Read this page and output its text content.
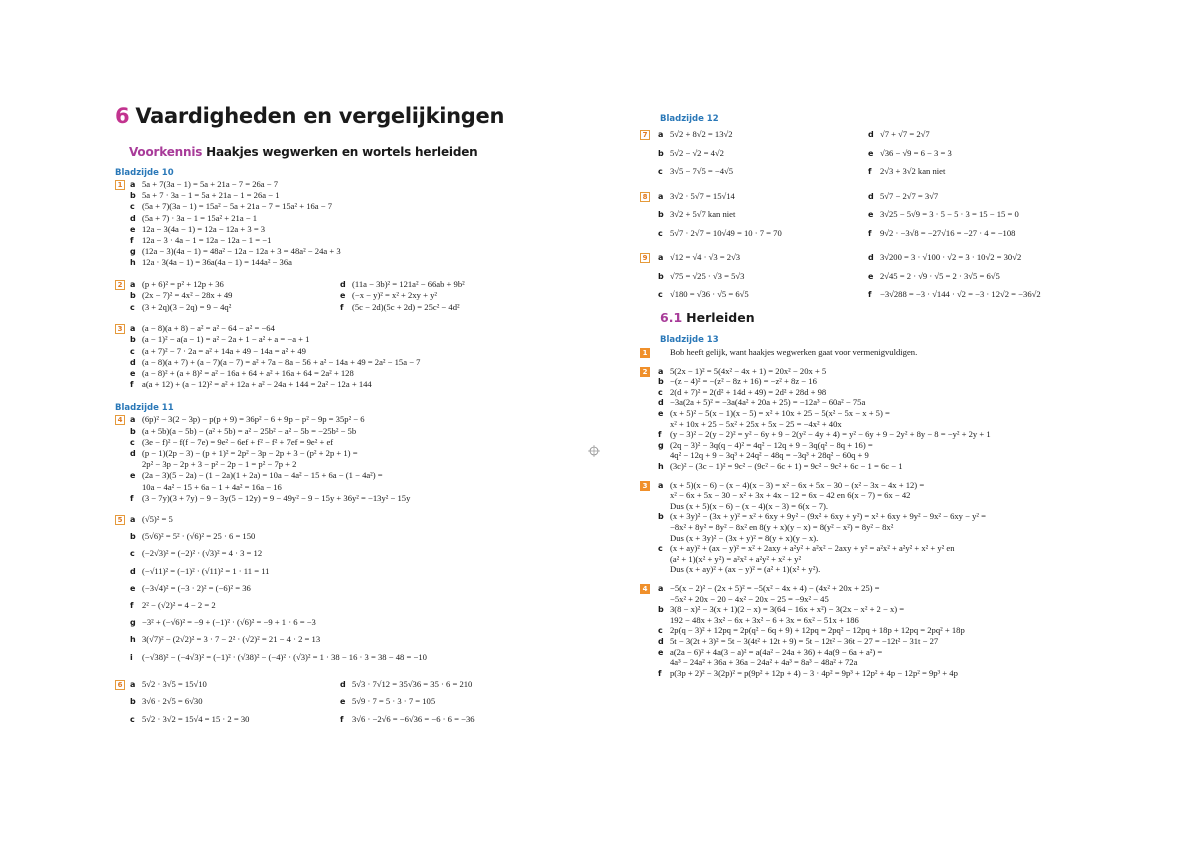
6 Vaardigheden en vergelijkingen
Voorkennis Haakjes wegwerken en wortels herleiden
Bladzijde 10
1 a 5a + 7(3a − 1) = 5a + 21a − 7 = 26a − 7
b 5a + 7 · 3a − 1 = 5a + 21a − 1 = 26a − 1
c (5a + 7)(3a − 1) = 15a² − 5a + 21a − 7 = 15a² + 16a − 7
d (5a + 7) · 3a − 1 = 15a² + 21a − 1
e 12a − 3(4a − 1) = 12a − 12a + 3 = 3
f 12a − 3 · 4a − 1 = 12a − 12a − 1 = −1
g (12a − 3)(4a − 1) = 48a² − 12a − 12a + 3 = 48a² − 24a + 3
h 12a · 3(4a − 1) = 36a(4a − 1) = 144a² − 36a
2 a (p + 6)² = p² + 12p + 36
b (2x − 7)² = 4x² − 28x + 49
c (3 + 2q)(3 − 2q) = 9 − 4q²
d (11a − 3b)² = 121a² − 66ab + 9b²
e (−x − y)² = x² + 2xy + y²
f (5c − 2d)(5c + 2d) = 25c² − 4d²
3 a (a − 8)(a + 8) − a² = a² − 64 − a² = −64
b (a − 1)² − a(a − 1) = a² − 2a + 1 − a² + a = −a + 1
c (a + 7)² − 7 · 2a = a² + 14a + 49 − 14a = a² + 49
d (a − 8)(a + 7) + (a − 7)(a − 7) = a² + 7a − 8a − 56 + a² − 14a + 49 = 2a² − 15a − 7
e (a − 8)² + (a + 8)² = a² − 16a + 64 + a² + 16a + 64 = 2a² + 128
f a(a + 12) + (a − 12)² = a² + 12a + a² − 24a + 144 = 2a² − 12a + 144
Bladzijde 11
4 a (6p)² − 3(2 − 3p) − p(p + 9) = 36p² − 6 + 9p − p² − 9p = 35p² − 6
b (a + 5b)(a − 5b) − (a² + 5b) = a² − 25b² − a² − 5b = −25b² − 5b
c (3e − f)² − f(f − 7e) = 9e² − 6ef + f² − f² + 7ef = 9e² + ef
d (p − 1)(2p − 3) − (p + 1)² = 2p² − 3p − 2p + 3 − (p² + 2p + 1) =
2p² − 3p − 2p + 3 − p² − 2p − 1 = p² − 7p + 2
e (2a − 3)(5 − 2a) − (1 − 2a)(1 + 2a) = 10a − 4a² − 15 + 6a − (1 − 4a²) =
10a − 4a² − 15 + 6a − 1 + 4a² = 16a − 16
f (3 − 7y)(3 + 7y) − 9 − 3y(5 − 12y) = 9 − 49y² − 9 − 15y + 36y² = −13y² − 15y
5 a (√5)² = 5
b (5√6)² = 5² · (√6)² = 25 · 6 = 150
c (−2√3)² = (−2)² · (√3)² = 4 · 3 = 12
d (−√11)² = (−1)² · (√11)² = 1 · 11 = 11
e (−3√4)² = (−3 · 2)² = (−6)² = 36
f 2² − (√2)² = 4 − 2 = 2
g −3² + (−√6)² = −9 + (−1)² · (√6)² = −9 + 1 · 6 = −3
h 3(√7)² − (2√2)² = 3 · 7 − 2² · (√2)² = 21 − 4 · 2 = 13
i	(−√38)² − (−4√3)² = (−1)² · (√38)² − (−4)² · (√3)² = 1 · 38 − 16 · 3 = 38 − 48 = −10
6 a 5√2 · 3√5 = 15√10
b 3√6 · 2√5 = 6√30
c 5√2 · 3√2 = 15√4 = 15 · 2 = 30
d 5√3 · 7√12 = 35√36 = 35 · 6 = 210
e 5√9 · 7 = 5 · 3 · 7 = 105
f 3√6 · −2√6 = −6√36 = −6 · 6 = −36
Bladzijde 12
7	a 5√2 + 8√2 = 13√2
b 5√2 − √2 = 4√2
c 3√5 − 7√5 = −4√5
d √7 + √7 = 2√7
e √36 − √9 = 6 − 3 = 3
f 2√3 + 3√2 kan niet
8	a 3√2 · 5√7 = 15√14
b 3√2 + 5√7 kan niet
c 5√7 · 2√7 = 10√49 = 10 · 7 = 70
d 5√7 − 2√7 = 3√7
e 3√25 − 5√9 = 3 · 5 − 5 · 3 = 15 − 15 = 0
f 9√2 · −3√8 = −27√16 = −27 · 4 = −108
9	a √12 = √4 · √3 = 2√3
b √75 = √25 · √3 = 5√3
c √180 = √36 · √5 = 6√5
d 3√200 = 3 · √100 · √2 = 3 · 10√2 = 30√2
e 2√45 = 2 · √9 · √5 = 2 · 3√5 = 6√5
f −3√288 = −3 · √144 · √2 = −3 · 12√2 = −36√2
6.1 Herleiden
Bladzijde 13
1	Bob heeft gelijk, want haakjes wegwerken gaat voor vermenigvuldigen.
2	a 5(2x − 1)² = 5(4x² − 4x + 1) = 20x² − 20x + 5
b −(z − 4)² = −(z² − 8z + 16) = −z² + 8z − 16
c 2(d + 7)² = 2(d² + 14d + 49) = 2d² + 28d + 98
d −3a(2a + 5)² = −3a(4a² + 20a + 25) = −12a³ − 60a² − 75a
e (x + 5)² − 5(x − 1)(x − 5) = x² + 10x + 25 − 5(x² − 5x − x + 5) =
x² + 10x + 25 − 5x² + 25x + 5x − 25 = −4x² + 40x
f (y − 3)² − 2(y − 2)² = y² − 6y + 9 − 2(y² − 4y + 4) = y² − 6y + 9 − 2y² + 8y − 8 = −y² + 2y + 1
g (2q − 3)² − 3q(q − 4)² = 4q² − 12q + 9 − 3q(q² − 8q + 16) =
4q² − 12q + 9 − 3q³ + 24q² − 48q = −3q³ + 28q² − 60q + 9
h (3c)² − (3c − 1)² = 9c² − (9c² − 6c + 1) = 9c² − 9c² + 6c − 1 = 6c − 1
3	a (x + 5)(x − 6) − (x − 4)(x − 3) = x² − 6x + 5x − 30 − (x² − 3x − 4x + 12) =
x² − 6x + 5x − 30 − x² + 3x + 4x − 12 = 6x − 42 en 6(x − 7) = 6x − 42
Dus (x + 5)(x − 6) − (x − 4)(x − 3) = 6(x − 7).
b (x + 3y)² − (3x + y)² = x² + 6xy + 9y² − (9x² + 6xy + y²) = x² + 6xy + 9y² − 9x² − 6xy − y² =
−8x² + 8y² = 8y² − 8x² en 8(y + x)(y − x) = 8(y² − x²) = 8y² − 8x²
Dus (x + 3y)² − (3x + y)² = 8(y + x)(y − x).
c (x + ay)² + (ax − y)² = x² + 2axy + a²y² + a²x² − 2axy + y² = a²x² + a²y² + x² + y² en
(a² + 1)(x² + y²) = a²x² + a²y² + x² + y²
Dus (x + ay)² + (ax − y)² = (a² + 1)(x² + y²).
4	a −5(x − 2)² − (2x + 5)² = −5(x² − 4x + 4) − (4x² + 20x + 25) =
−5x² + 20x − 20 − 4x² − 20x − 25 = −9x² − 45
b 3(8 − x)² − 3(x + 1)(2 − x) = 3(64 − 16x + x²) − 3(2x − x² + 2 − x) =
192 − 48x + 3x² − 6x + 3x² − 6 + 3x = 6x² − 51x + 186
c 2p(q − 3)² + 12pq = 2p(q² − 6q + 9) + 12pq = 2pq² − 12pq + 18p + 12pq = 2pq² + 18p
d 5t − 3(2t + 3)² = 5t − 3(4t² + 12t + 9) = 5t − 12t² − 36t − 27 = −12t² − 31t − 27
e a(2a − 6)² + 4a(3 − a)² = a(4a² − 24a + 36) + 4a(9 − 6a + a²) =
4a³ − 24a² + 36a + 36a − 24a² + 4a³ = 8a³ − 48a² + 72a
f p(3p + 2)² − 3(2p)² = p(9p² + 12p + 4) − 3 · 4p² = 9p³ + 12p² + 4p − 12p² = 9p³ + 4p
